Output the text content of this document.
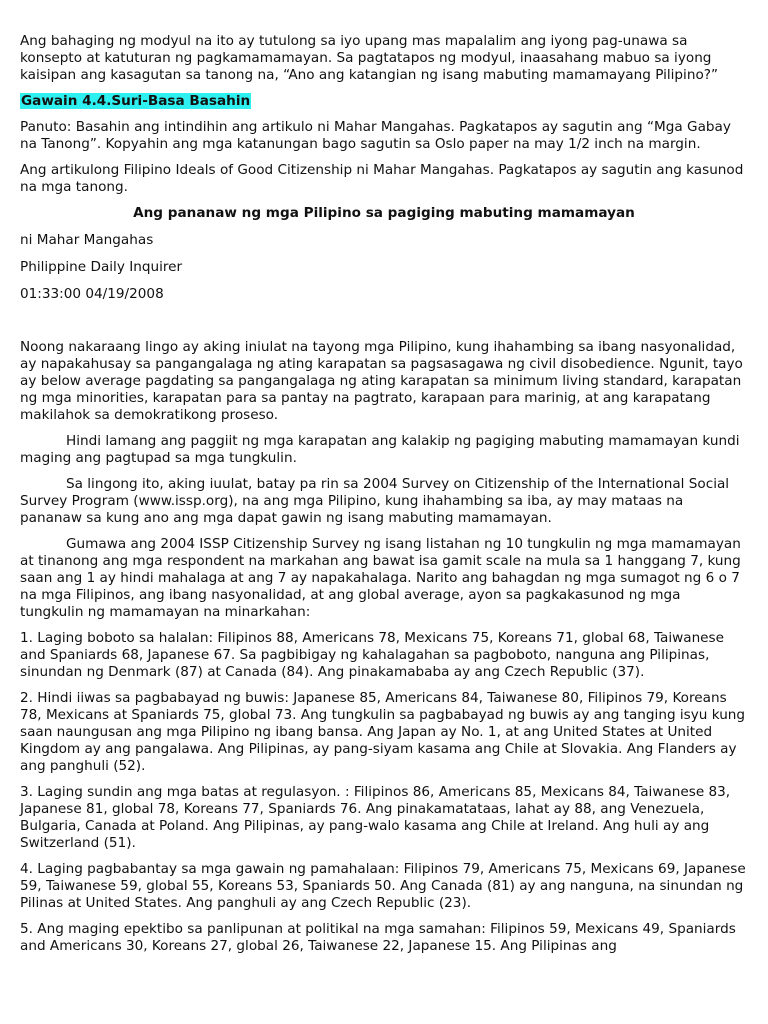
Ang bahaging ng modyul na ito ay tutulong sa iyo upang mas mapalalim ang iyong pag-unawa sa konsepto at katuturan ng pagkamamamayan. Sa pagtatapos ng modyul, inaasahang mabuo sa iyong kaisipan ang kasagutan sa tanong na, “Ano ang katangian ng isang mabuting mamamayang Pilipino?”

Gawain 4.4.Suri-Basa Basahin

Panuto: Basahin ang intindihin ang artikulo ni Mahar Mangahas. Pagkatapos ay sagutin ang “Mga Gabay na Tanong”. Kopyahin ang mga katanungan bago sagutin sa Oslo paper na may 1/2 inch na margin.

Ang artikulong Filipino Ideals of Good Citizenship ni Mahar Mangahas. Pagkatapos ay sagutin ang kasunod na mga tanong.

Ang pananaw ng mga Pilipino sa pagiging mabuting mamamayan

ni Mahar Mangahas

Philippine Daily Inquirer

01:33:00 04/19/2008

Noong nakaraang lingo ay aking iniulat na tayong mga Pilipino, kung ihahambing sa ibang nasyonalidad, ay napakahusay sa pangangalaga ng ating karapatan sa pagsasagawa ng civil disobedience. Ngunit, tayo ay below average pagdating sa pangangalaga ng ating karapatan sa minimum living standard, karapatan ng mga minorities, karapatan para sa pantay na pagtrato, karapaan para marinig, at ang karapatang makilahok sa demokratikong proseso.

Hindi lamang ang paggiit ng mga karapatan ang kalakip ng pagiging mabuting mamamayan kundi maging ang pagtupad sa mga tungkulin.

Sa lingong ito, aking iuulat, batay pa rin sa 2004 Survey on Citizenship of the International Social Survey Program (www.issp.org), na ang mga Pilipino, kung ihahambing sa iba, ay may mataas na pananaw sa kung ano ang mga dapat gawin ng isang mabuting mamamayan.

Gumawa ang 2004 ISSP Citizenship Survey ng isang listahan ng 10 tungkulin ng mga mamamayan at tinanong ang mga respondent na markahan ang bawat isa gamit scale na mula sa 1 hanggang 7, kung saan ang 1 ay hindi mahalaga at ang 7 ay napakahalaga. Narito ang bahagdan ng mga sumagot ng 6 o 7 na mga Filipinos, ang ibang nasyonalidad, at ang global average, ayon sa pagkakasunod ng mga tungkulin ng mamamayan na minarkahan:

1. Laging boboto sa halalan: Filipinos 88, Americans 78, Mexicans 75, Koreans 71, global 68, Taiwanese and Spaniards 68, Japanese 67. Sa pagbibigay ng kahalagahan sa pagboboto, nanguna ang Pilipinas, sinundan ng Denmark (87) at Canada (84). Ang pinakamababa ay ang Czech Republic (37).

2. Hindi iiwas sa pagbabayad ng buwis: Japanese 85, Americans 84, Taiwanese 80, Filipinos 79, Koreans 78, Mexicans at Spaniards 75, global 73. Ang tungkulin sa pagbabayad ng buwis ay ang tanging isyu kung saan naungusan ang mga Pilipino ng ibang bansa. Ang Japan ay No. 1, at ang United States at United Kingdom ay ang pangalawa. Ang Pilipinas, ay pang-siyam kasama ang Chile at Slovakia. Ang Flanders ay ang panghuli (52).

3. Laging sundin ang mga batas at regulasyon. : Filipinos 86, Americans 85, Mexicans 84, Taiwanese 83, Japanese 81, global 78, Koreans 77, Spaniards 76. Ang pinakamatataas, lahat ay 88, ang Venezuela, Bulgaria, Canada at Poland. Ang Pilipinas, ay pang-walo kasama ang Chile at Ireland. Ang huli ay ang Switzerland (51).

4. Laging pagbabantay sa mga gawain ng pamahalaan: Filipinos 79, Americans 75, Mexicans 69, Japanese 59, Taiwanese 59, global 55, Koreans 53, Spaniards 50. Ang Canada (81) ay ang nanguna, na sinundan ng Pilinas at United States. Ang panghuli ay ang Czech Republic (23).

5. Ang maging epektibo sa panlipunan at politikal na mga samahan: Filipinos 59, Mexicans 49, Spaniards and Americans 30, Koreans 27, global 26, Taiwanese 22, Japanese 15. Ang Pilipinas ang
